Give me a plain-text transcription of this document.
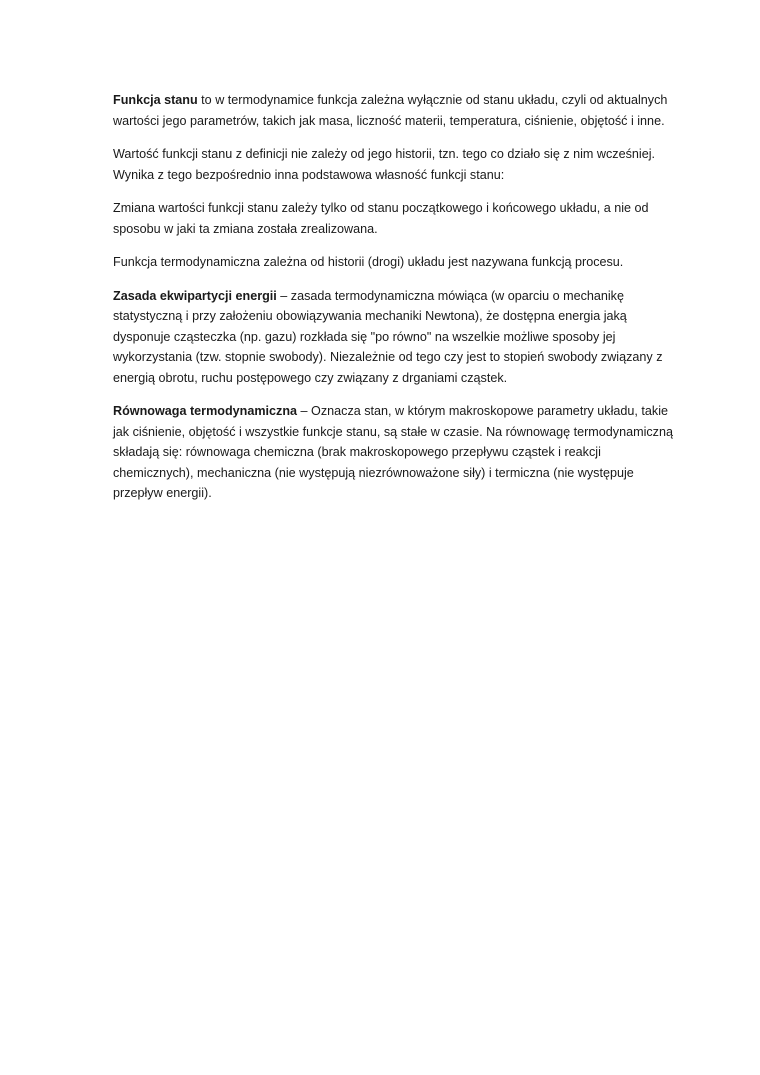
Funkcja stanu to w termodynamice funkcja zależna wyłącznie od stanu układu, czyli od aktualnych wartości jego parametrów, takich jak masa, liczność materii, temperatura, ciśnienie, objętość i inne.

Wartość funkcji stanu z definicji nie zależy od jego historii, tzn. tego co działo się z nim wcześniej. Wynika z tego bezpośrednio inna podstawowa własność funkcji stanu:

Zmiana wartości funkcji stanu zależy tylko od stanu początkowego i końcowego układu, a nie od sposobu w jaki ta zmiana została zrealizowana.

Funkcja termodynamiczna zależna od historii (drogi) układu jest nazywana funkcją procesu.

Zasada ekwipartycji energii – zasada termodynamiczna mówiąca (w oparciu o mechanikę statystyczną i przy założeniu obowiązywania mechaniki Newtona), że dostępna energia jaką dysponuje cząsteczka (np. gazu) rozkłada się "po równo" na wszelkie możliwe sposoby jej wykorzystania (tzw. stopnie swobody). Niezależnie od tego czy jest to stopień swobody związany z energią obrotu, ruchu postępowego czy związany z drganiami cząstek.

Równowaga termodynamiczna – Oznacza stan, w którym makroskopowe parametry układu, takie jak ciśnienie, objętość i wszystkie funkcje stanu, są stałe w czasie. Na równowagę termodynamiczną składają się: równowaga chemiczna (brak makroskopowego przepływu cząstek i reakcji chemicznych), mechaniczna (nie występują niezrównoważone siły) i termiczna (nie występuje przepływ energii).
